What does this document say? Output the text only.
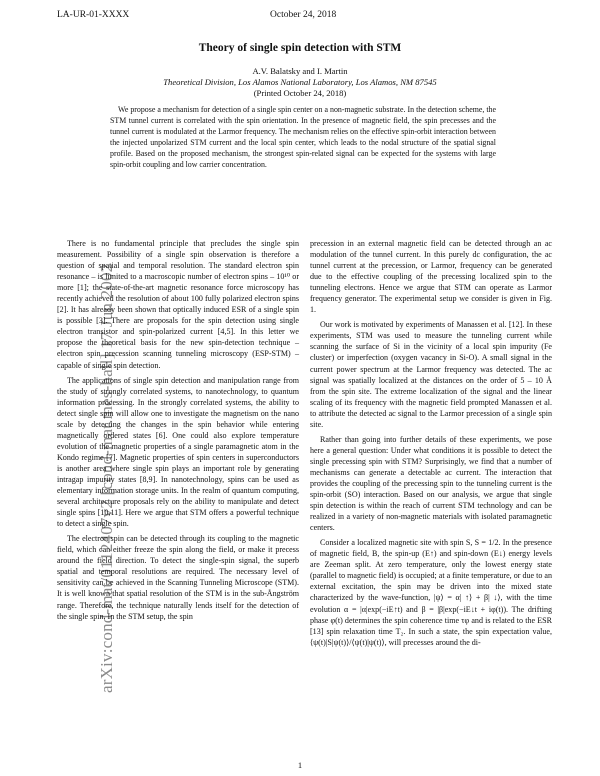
LA-UR-01-XXXX	October 24, 2018
arXiv:cond-mat/0112407v2 [cond-mat.mes-hall] 17 Jun 2002
Theory of single spin detection with STM
A.V. Balatsky and I. Martin
Theoretical Division, Los Alamos National Laboratory, Los Alamos, NM 87545
(Printed October 24, 2018)
We propose a mechanism for detection of a single spin center on a non-magnetic substrate. In the detection scheme, the STM tunnel current is correlated with the spin orientation. In the presence of magnetic field, the spin precesses and the tunnel current is modulated at the Larmor frequency. The mechanism relies on the effective spin-orbit interaction between the injected unpolarized STM current and the local spin center, which leads to the nodal structure of the spatial signal profile. Based on the proposed mechanism, the strongest spin-related signal can be expected for the systems with large spin-orbit coupling and low carrier concentration.

There is no fundamental principle that precludes the single spin measurement. Possibility of a single spin observation is therefore a question of spatial and temporal resolution. The standard electron spin resonance – is limited to a macroscopic number of electron spins – 10¹⁰ or more [1]; the state-of-the-art magnetic resonance force microscopy has recently achieved the resolution of about 100 fully polarized electron spins [2]. It has already been shown that optically induced ESR of a single spin is possible [3]. There are proposals for the spin detection using single electron transistor and spin-polarized current [4,5]. In this letter we propose the theoretical basis for the new spin-detection technique – electron spin precession scanning tunneling microscopy (ESP-STM) – capable of single spin detection.

The applications of single spin detection and manipulation range from the study of strongly correlated systems, to nanotechnology, to quantum information processing. In the strongly correlated systems, the ability to detect single spin will allow one to investigate the magnetism on the nano scale by detecting the changes in the spin behavior while entering magnetically ordered states [6]. One could also explore temperature evolution of the magnetic properties of a single paramagnetic atom in the Kondo regime [7]. Magnetic properties of spin centers in superconductors is another area where single spin plays an important role by generating intragap impurity states [8,9]. In nanotechnology, spins can be used as elementary information storage units. In the realm of quantum computing, several architecture proposals rely on the ability to manipulate and detect single spins [10,11]. Here we argue that STM offers a powerful technique to detect a single spin.

The electron spin can be detected through its coupling to the magnetic field, which can either freeze the spin along the field, or make it precess around the field direction. To detect the single-spin signal, the superb spatial and temporal resolutions are required. The necessary level of sensitivity can be achieved in the Scanning Tunneling Microscope (STM). It is well known that spatial resolution of the STM is in the sub-Ångström range. Therefore, the technique naturally lends itself for the detection of the single spin. In the STM setup, the spin

precession in an external magnetic field can be detected through an ac modulation of the tunnel current. In this purely dc configuration, the ac tunnel current at the precession, or Larmor, frequency can be generated due to the effective coupling of the precessing localized spin to the tunneling electrons. Hence we argue that STM can operate as Larmor frequency generator. The experimental setup we consider is given in Fig. 1.

Our work is motivated by experiments of Manassen et al. [12]. In these experiments, STM was used to measure the tunneling current while scanning the surface of Si in the vicinity of a local spin impurity (Fe cluster) or imperfection (oxygen vacancy in Si-O). A small signal in the current power spectrum at the Larmor frequency was detected. The ac signal was spatially localized at the distances on the order of 5 – 10 Å from the spin site. The extreme localization of the signal and the linear scaling of its frequency with the magnetic field prompted Manassen et al. to attribute the detected ac signal to the Larmor precession of a single spin site.

Rather than going into further details of these experiments, we pose here a general question: Under what conditions it is possible to detect the single precessing spin with STM? Surprisingly, we find that a number of mechanisms can generate a detectable ac current. The interaction that provides the coupling of the precessing spin to the tunneling current is the spin-orbit (SO) interaction. Based on our analysis, we argue that single spin detection is within the reach of current STM technology and can be realized in a variety of non-magnetic materials with isolated paramagnetic centers.

Consider a localized magnetic site with spin S, S = 1/2. In the presence of magnetic field, B, the spin-up (E↑) and spin-down (E↓) energy levels are Zeeman split. At zero temperature, only the lowest energy state (parallel to magnetic field) is occupied; at a finite temperature, or due to an external excitation, the spin may be driven into the mixed state characterized by the wave-function, |ψ⟩ = α| ↑⟩ + β| ↓⟩, with the time evolution α = |α|exp(−iE↑t) and β = |β|exp(−iE↓t + iφ(t)). The drifting phase φ(t) determines the spin coherence time τφ and is related to the ESR [13] spin relaxation time T₂. In such a state, the spin expectation value, ⟨ψ(t)|S|ψ(t)⟩/⟨ψ(t)|ψ(t)⟩, will precesses around the di-

1
